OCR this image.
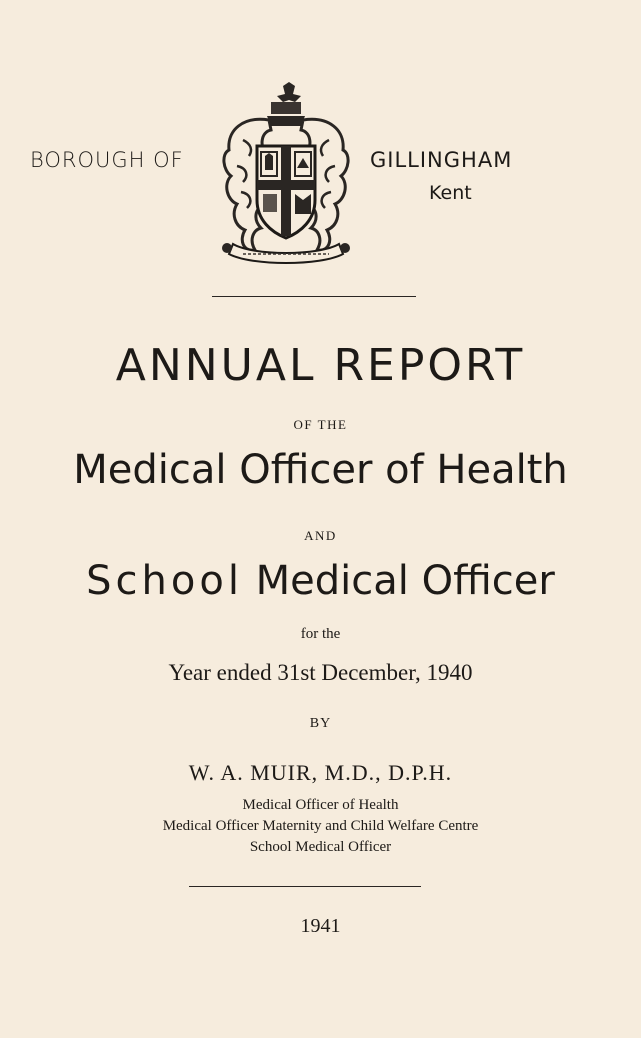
BOROUGH OF	GILLINGHAM
Kent
ANNUAL REPORT
OF THE
Medical Officer of Health
AND
School Medical Officer
for the
Year ended 31st December, 1940
BY
W. A. MUIR, M.D., D.P.H.
Medical Officer of Health
Medical Officer Maternity and Child Welfare Centre
School Medical Officer
1941
